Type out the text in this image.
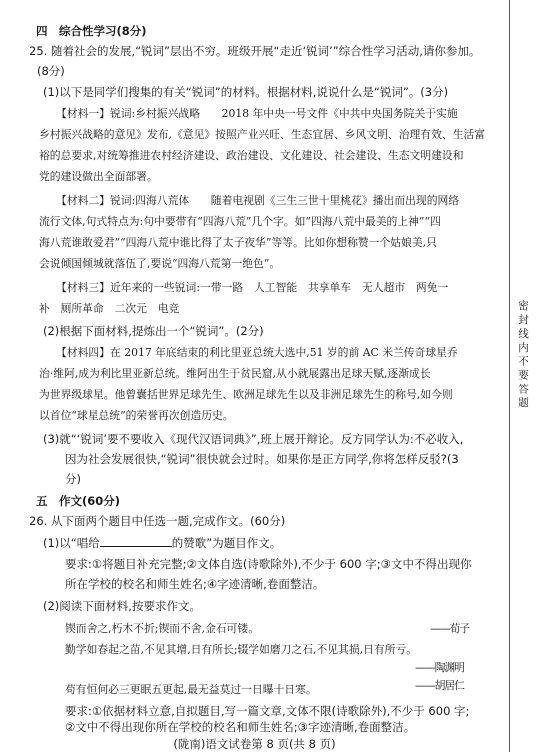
四　综合性学习(8分)
25. 随着社会的发展,“锐词”层出不穷。班级开展“走近‘锐词’”综合性学习活动,请你参加。
(8分)
(1)以下是同学们搜集的有关“锐词”的材料。根据材料,说说什么是“锐词”。(3分)
【材料一】锐词:乡村振兴战略　　2018 年中央一号文件《中共中央国务院关于实施
乡村振兴战略的意见》发布,《意见》按照产业兴旺、生态宜居、乡风文明、治理有效、生活富
裕的总要求,对统筹推进农村经济建设、政治建设、文化建设、社会建设、生态文明建设和
党的建设做出全面部署。
【材料二】锐词:四海八荒体　　随着电视剧《三生三世十里桃花》播出而出现的网络
流行文体,句式特点为:句中要带有“四海八荒”几个字。如“四海八荒中最美的上神”“四
海八荒谁敢爱君”“四海八荒中谁比得了太子夜华”等等。比如你想称赞一个姑娘美,只
会说倾国倾城就落伍了,要说“四海八荒第一绝色”。
【材料三】近年来的一些锐词:一带一路　人工智能　共享单车　无人超市　两免一
补　厕所革命　二次元　电竞
(2)根据下面材料,提炼出一个“锐词”。(2分)
【材料四】在 2017 年底结束的利比里亚总统大选中,51 岁的前 AC 米兰传奇球星乔
治·维阿,成为利比里亚新总统。维阿出生于贫民窟,从小就展露出足球天赋,逐渐成长
为世界级球星。他曾囊括世界足球先生、欧洲足球先生以及非洲足球先生的称号,如今则
以首位“球星总统”的荣誉再次创造历史。
(3)就“‘锐词’要不要收入《现代汉语词典》”,班上展开辩论。反方同学认为:不必收入,
因为社会发展很快,“锐词”很快就会过时。如果你是正方同学,你将怎样反驳?(3
分)
五　作文(60分)
26. 从下面两个题目中任选一题,完成作文。(60分)
(1)以“唱给	的赞歌”为题目作文。
要求:①将题目补充完整;②文体自选(诗歌除外),不少于 600 字;③文中不得出现你
所在学校的校名和师生姓名;④字迹清晰,卷面整洁。
(2)阅读下面材料,按要求作文。
锲而舍之,朽木不折;锲而不舍,金石可镂。	——荀子
勤学如春起之苗,不见其增,日有所长;辍学如磨刀之石,不见其损,日有所亏。
——陶渊明
苟有恒何必三更眠五更起,最无益莫过一日曝十日寒。	——胡居仁
要求:①依据材料立意,自拟题目,写一篇文章,文体不限(诗歌除外),不少于 600 字;
②文中不得出现你所在学校的校名和师生姓名;③字迹清晰,卷面整洁。
(陇南)语文试卷第 8 页(共 8 页)
密 封 线 内 不 要 答 题
